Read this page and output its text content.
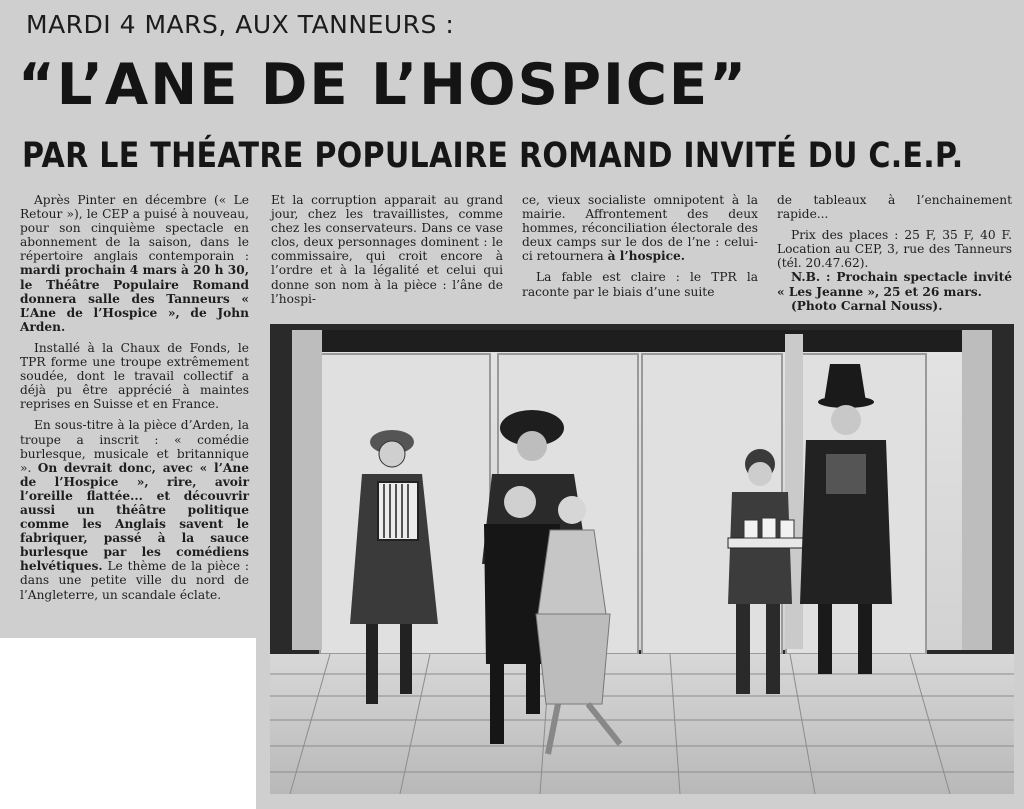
MARDI 4 MARS, AUX TANNEURS :
“L’ANE DE L’HOSPICE”
PAR LE THÉATRE POPULAIRE ROMAND INVITÉ DU C.E.P.

Après Pinter en décembre (« Le Retour »), le CEP a puisé à nouveau, pour son cinquième spectacle en abonnement de la saison, dans le répertoire anglais contemporain : mardi prochain 4 mars à 20 h 30, le Théâtre Populaire Romand donnera salle des Tanneurs « L’Ane de l’Hospice », de John Arden.

Installé à la Chaux de Fonds, le TPR forme une troupe extrêmement soudée, dont le travail collectif a déjà pu être apprécié à maintes reprises en Suisse et en France.

En sous-titre à la pièce d’Arden, la troupe a inscrit : « comédie burlesque, musicale et britannique ». On devrait donc, avec « l’Ane de l’Hospice », rire, avoir l’oreille flattée... et découvrir aussi un théâtre politique comme les Anglais savent le fabriquer, passé à la sauce burlesque par les comédiens helvétiques. Le thème de la pièce : dans une petite ville du nord de l’Angleterre, un scandale éclate.

Et la corruption apparait au grand jour, chez les travaillistes, comme chez les conservateurs. Dans ce vase clos, deux personnages dominent : le commissaire, qui croit encore à l’ordre et à la légalité et celui qui donne son nom à la pièce : l’âne de l’hospi-

ce, vieux socialiste omnipotent à la mairie. Affrontement des deux hommes, réconciliation électorale des deux camps sur le dos de l’ne : celui-ci retournera à l’hospice.

La fable est claire : le TPR la raconte par le biais d’une suite

de tableaux à l’enchainement rapide...

Prix des places : 25 F, 35 F, 40 F. Location au CEP, 3, rue des Tanneurs (tél. 20.47.62).

N.B. : Prochain spectacle invité « Les Jeanne », 25 et 26 mars.

(Photo Carnal Nouss).
